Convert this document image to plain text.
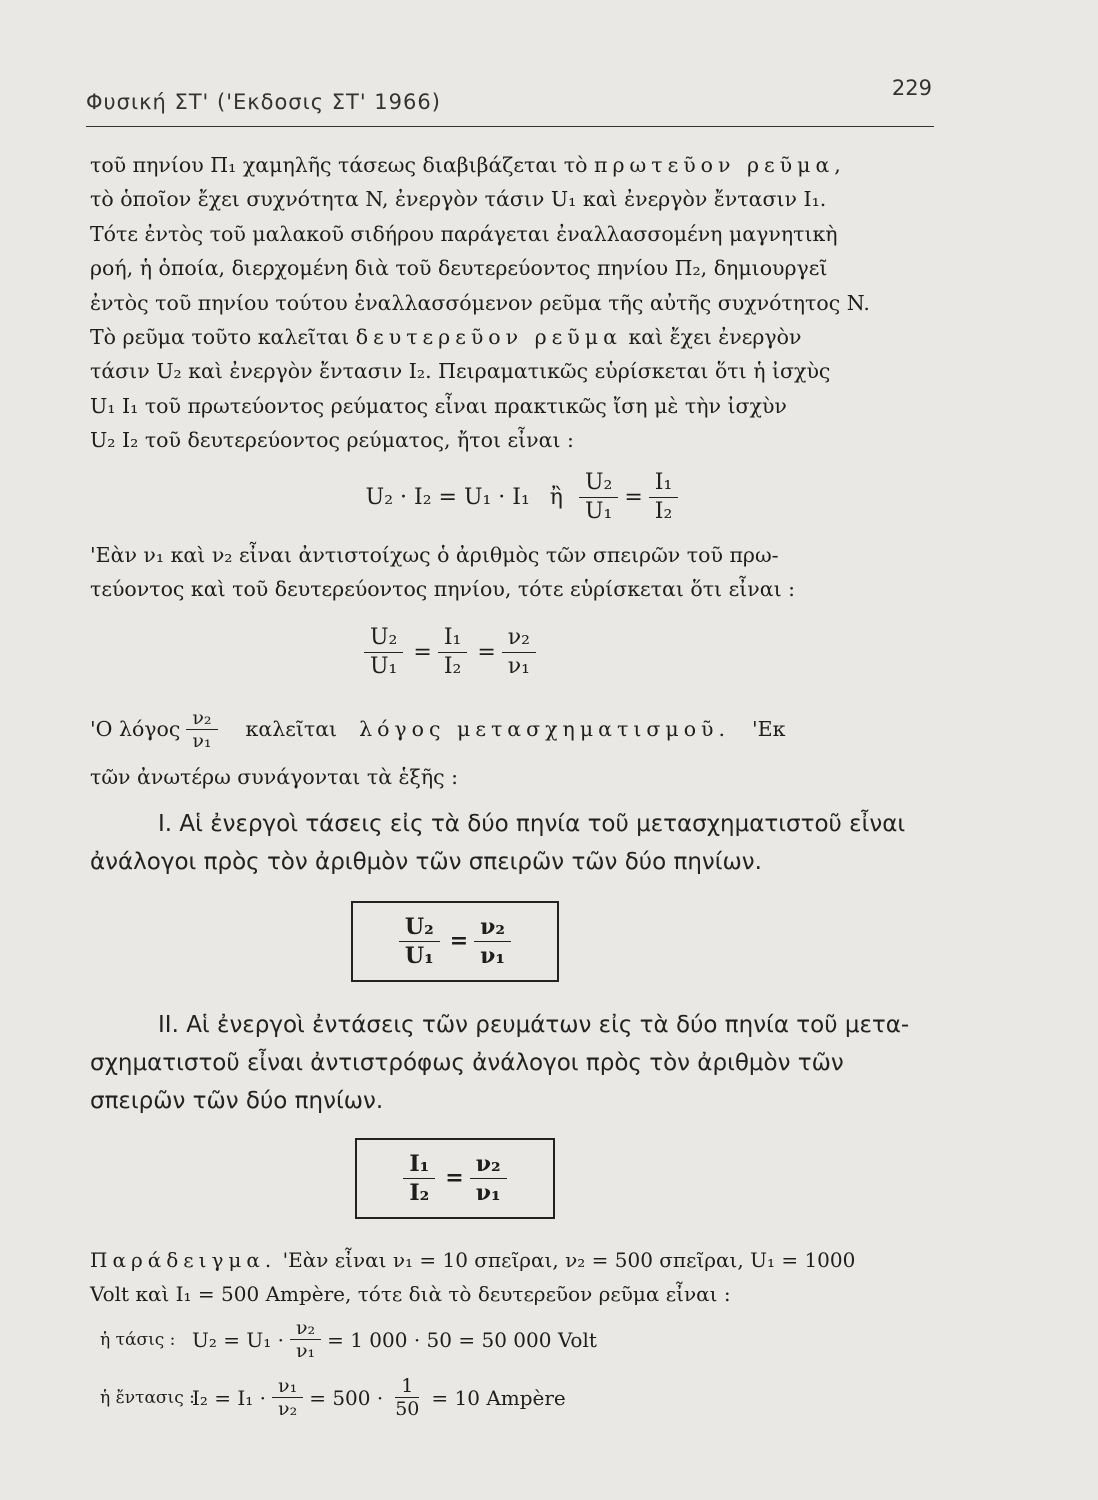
Φυσική ΣΤ' ('Εκδοσις ΣΤ' 1966)
229
τοῦ πηνίου Π₁ χαμηλῆς τάσεως διαβιβάζεται τὸ πρωτεῦον ρεῦμα,
τὸ ὁποῖον ἔχει συχνότητα N, ἐνεργὸν τάσιν U₁ καὶ ἐνεργὸν ἔντασιν I₁.
Τότε ἐντὸς τοῦ μαλακοῦ σιδήρου παράγεται ἐναλλασσομένη μαγνητικὴ
ροή, ἡ ὁποία, διερχομένη διὰ τοῦ δευτερεύοντος πηνίου Π₂, δημιουργεῖ
ἐντὸς τοῦ πηνίου τούτου ἐναλλασσόμενον ρεῦμα τῆς αὐτῆς συχνότητος N.
Τὸ ρεῦμα τοῦτο καλεῖται δευτερεῦον ρεῦμα καὶ ἔχει ἐνεργὸν
τάσιν U₂ καὶ ἐνεργὸν ἔντασιν I₂. Πειραματικῶς εὑρίσκεται ὅτι ἡ ἰσχὺς
U₁ I₁ τοῦ πρωτεύοντος ρεύματος εἶναι πρακτικῶς ἴση μὲ τὴν ἰσχὺν
U₂ I₂ τοῦ δευτερεύοντος ρεύματος, ἤτοι εἶναι :
U₂ · I₂ = U₁ · I₁ ἢ $\frac{\text{U₂}}{\text{U₁}} = \frac{\text{I₁}}{\text{I₂}}$
'Εὰν ν₁ καὶ ν₂ εἶναι ἀντιστοίχως ὁ ἀριθμὸς τῶν σπειρῶν τοῦ πρω-
τεύοντος καὶ τοῦ δευτερεύοντος πηνίου, τότε εὑρίσκεται ὅτι εἶναι :
$\frac{\text{U₂}}{\text{U₁}} = \frac{\text{I₁}}{\text{I₂}} = \frac{\text{ν₂}}{\text{ν₁}}$
'Ο λόγος $\frac{\text{ν₂}}{\text{ν₁}}$ καλεῖται λόγος μετασχηματισμοῦ. 'Εκ
τῶν ἀνωτέρω συνάγονται τὰ ἑξῆς :
I. Αἱ ἐνεργοὶ τάσεις εἰς τὰ δύο πηνία τοῦ μετασχηματιστοῦ εἶναι
ἀνάλογοι πρὸς τὸν ἀριθμὸν τῶν σπειρῶν τῶν δύο πηνίων.
$\frac{\text{U₂}}{\text{U₁}} = \frac{\text{ν₂}}{\text{ν₁}}$
II. Αἱ ἐνεργοὶ ἐντάσεις τῶν ρευμάτων εἰς τὰ δύο πηνία τοῦ μετα-
σχηματιστοῦ εἶναι ἀντιστρόφως ἀνάλογοι πρὸς τὸν ἀριθμὸν τῶν
σπειρῶν τῶν δύο πηνίων.
$\frac{\text{I₁}}{\text{I₂}} = \frac{\text{ν₂}}{\text{ν₁}}$
Παράδειγμα. 'Εὰν εἶναι ν₁ = 10 σπεῖραι, ν₂ = 500 σπεῖραι, U₁ = 1000
Volt καὶ I₁ = 500 Ampère, τότε διὰ τὸ δευτερεῦον ρεῦμα εἶναι :
ἡ τάσις : $U_2 = U_1 \cdot \frac{\text{ν₂}}{\text{ν₁}} = 1$ 000 · 50 = 50 000 Volt
ἡ ἔντασις :
$I_2 = I_1 \cdot \frac{\text{ν₁}}{\text{ν₂}} = 500 \cdot \frac{1}{50} = 10$ Ampère
